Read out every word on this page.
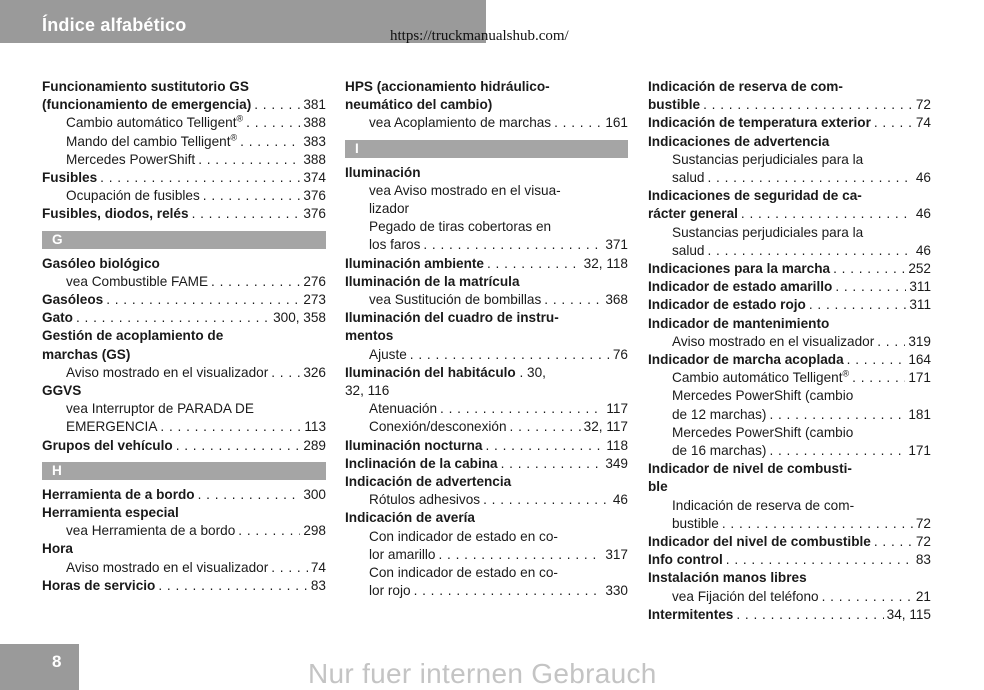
Índice alfabético
https://truckmanualshub.com/
Funcionamiento sustitutorio GS
(funcionamiento de emergencia) . . .	381
Cambio automático Telligent® . . .	388
Mando del cambio Telligent® . . .	383
Mercedes PowerShift . . .	388
Fusibles . . .	374
Ocupación de fusibles . . .	376
Fusibles, diodos, relés . . .	376
G
Gasóleo biológico
vea Combustible FAME . . .	276
Gasóleos . . .	273
Gato . . .	300, 358
Gestión de acoplamiento de
marchas (GS)
Aviso mostrado en el visualizador . . .	326
GGVS
vea Interruptor de PARADA DE
EMERGENCIA . . .	113
Grupos del vehículo . . .	289
H
Herramienta de a bordo . . .	300
Herramienta especial
vea Herramienta de a bordo . . .	298
Hora
Aviso mostrado en el visualizador . . .	74
Horas de servicio . . .	83
HPS (accionamiento hidráulico-
neumático del cambio)
vea Acoplamiento de marchas . . .	161
I
Iluminación
vea Aviso mostrado en el visua-
lizador
Pegado de tiras cobertoras en
los faros . . .	371
Iluminación ambiente . . .	32, 118
Iluminación de la matrícula
vea Sustitución de bombillas . . .	368
Iluminación del cuadro de instru-
mentos
Ajuste . . .	76
Iluminación del habitáculo . 30,
32, 116
Atenuación . . .	117
Conexión/desconexión . . .	32, 117
Iluminación nocturna . . .	118
Inclinación de la cabina . . .	349
Indicación de advertencia
Rótulos adhesivos . . .	46
Indicación de avería
Con indicador de estado en co-
lor amarillo . . .	317
Con indicador de estado en co-
lor rojo . . .	330
Indicación de reserva de com-
bustible . . .	72
Indicación de temperatura exterior . . .	74
Indicaciones de advertencia
Sustancias perjudiciales para la
salud . . .	46
Indicaciones de seguridad de ca-
rácter general . . .	46
Sustancias perjudiciales para la
salud . . .	46
Indicaciones para la marcha . . .	252
Indicador de estado amarillo . . .	311
Indicador de estado rojo . . .	311
Indicador de mantenimiento
Aviso mostrado en el visualizador . . .	319
Indicador de marcha acoplada . . .	164
Cambio automático Telligent® . . .	171
Mercedes PowerShift (cambio
de 12 marchas) . . .	181
Mercedes PowerShift (cambio
de 16 marchas) . . .	171
Indicador de nivel de combusti-
ble
Indicación de reserva de com-
bustible . . .	72
Indicador del nivel de combustible . . .	72
Info control . . .	83
Instalación manos libres
vea Fijación del teléfono . . .	21
Intermitentes . . .	34, 115
8	Nur fuer internen Gebrauch
